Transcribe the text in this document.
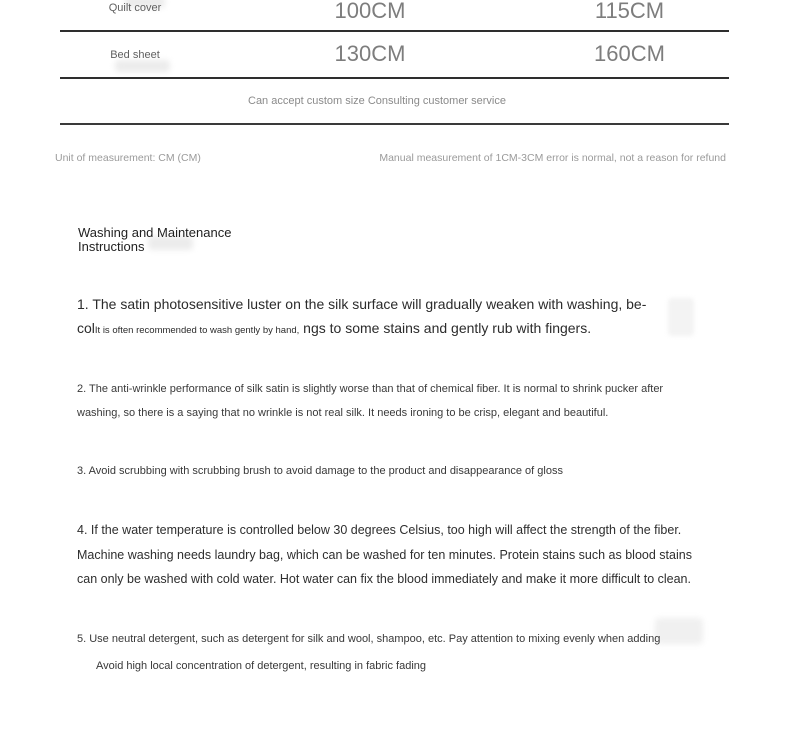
Quilt cover	100CM	115CM
Bed sheet	130CM	160CM
Can accept custom size Consulting customer service
Unit of measurement: CM (CM)	Manual measurement of 1CM-3CM error is normal, not a reason for refund
Washing and Maintenance
Instructions
1. The satin photosensitive luster on the silk surface will gradually weaken with washing, be-
colIt is often recommended to wash gently by hand, ngs to some stains and gently rub with fingers.
2. The anti-wrinkle performance of silk satin is slightly worse than that of chemical fiber. It is normal to shrink pucker after
washing, so there is a saying that no wrinkle is not real silk. It needs ironing to be crisp, elegant and beautiful.
3. Avoid scrubbing with scrubbing brush to avoid damage to the product and disappearance of gloss
4. If the water temperature is controlled below 30 degrees Celsius, too high will affect the strength of the fiber.
Machine washing needs laundry bag, which can be washed for ten minutes. Protein stains such as blood stains
can only be washed with cold water. Hot water can fix the blood immediately and make it more difficult to clean.
5. Use neutral detergent, such as detergent for silk and wool, shampoo, etc. Pay attention to mixing evenly when adding
Avoid high local concentration of detergent, resulting in fabric fading
